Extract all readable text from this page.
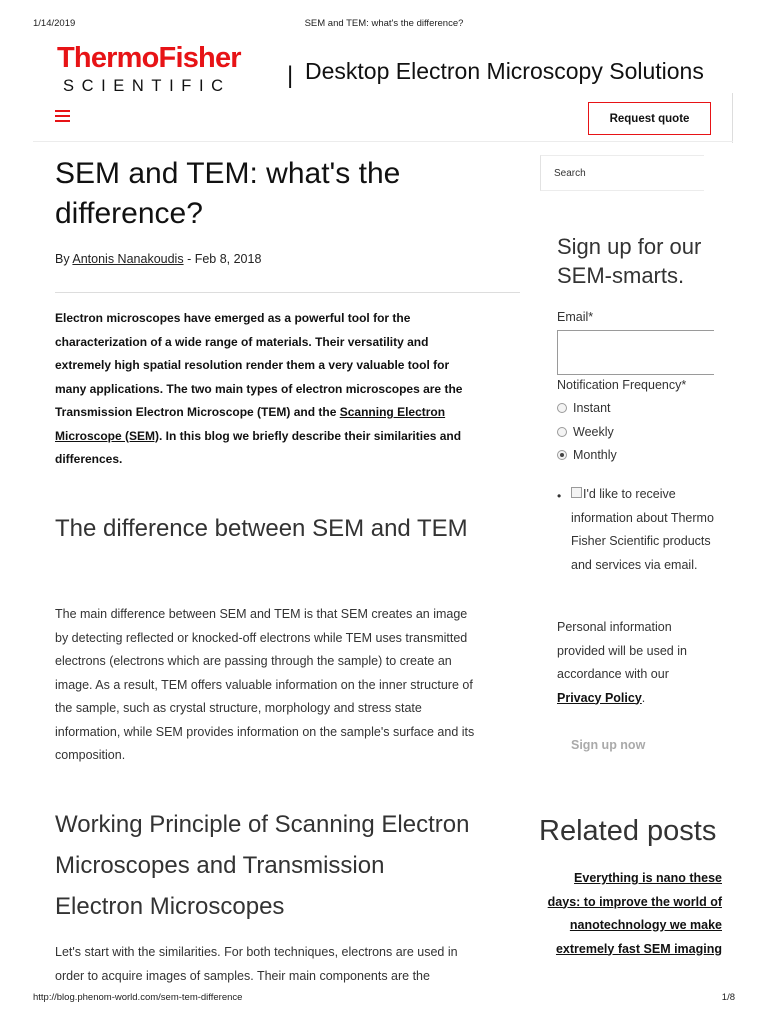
1/14/2019	SEM and TEM: what's the difference?
ThermoFisher
SCIENTIFIC | Desktop Electron Microscopy Solutions
Request quote
SEM and TEM: what's the difference?
By Antonis Nanakoudis - Feb 8, 2018

Electron microscopes have emerged as a powerful tool for the characterization of a wide range of materials. Their versatility and extremely high spatial resolution render them a very valuable tool for many applications. The two main types of electron microscopes are the Transmission Electron Microscope (TEM) and the Scanning Electron Microscope (SEM). In this blog we briefly describe their similarities and differences.

The difference between SEM and TEM

The main difference between SEM and TEM is that SEM creates an image by detecting reflected or knocked-off electrons while TEM uses transmitted electrons (electrons which are passing through the sample) to create an image. As a result, TEM offers valuable information on the inner structure of the sample, such as crystal structure, morphology and stress state information, while SEM provides information on the sample's surface and its composition.

Working Principle of Scanning Electron Microscopes and Transmission Electron Microscopes

Let's start with the similarities. For both techniques, electrons are used in order to acquire images of samples. Their main components are the

Search
Sign up for our SEM-smarts.
Email*
Notification Frequency*
Instant
Weekly
Monthly
•	I'd like to receive information about Thermo Fisher Scientific products and services via email.

Personal information provided will be used in accordance with our Privacy Policy.

Sign up now
Related posts

Everything is nano these days: to improve the world of nanotechnology we make extremely fast SEM imaging

http://blog.phenom-world.com/sem-tem-difference	1/8
